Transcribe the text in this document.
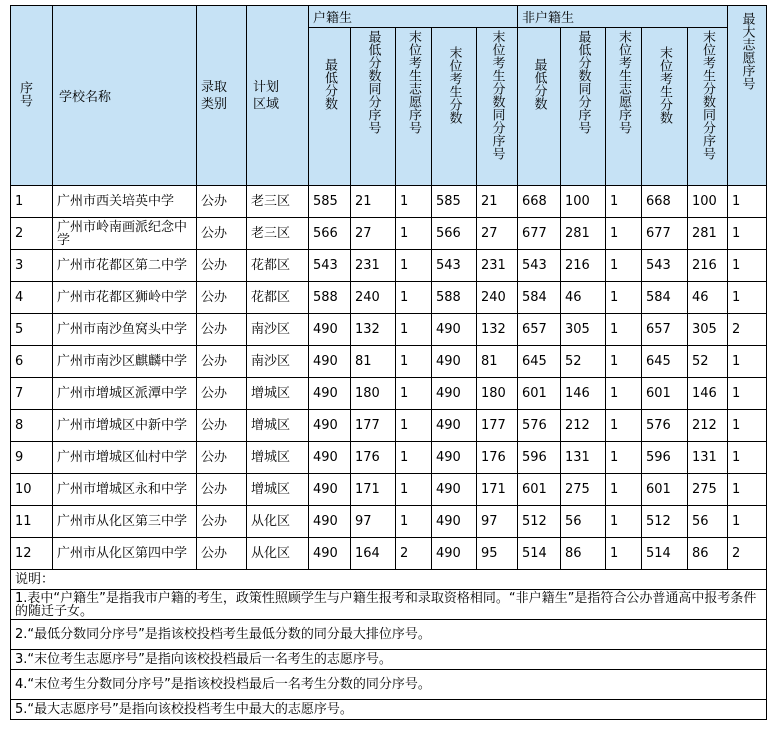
序号	学校名称	录取类别	计划区域	户籍生					非户籍生					最大志愿序号
				最低分数	最低分数同分序号	末位考生志愿序号	末位考生分数	末位考生分数同分序号	最低分数	最低分数同分序号	末位考生志愿序号	末位考生分数	末位考生分数同分序号	
1	广州市西关培英中学	公办	老三区	585	21	1	585	21	668	100	1	668	100	1
2	广州市岭南画派纪念中学	公办	老三区	566	27	1	566	27	677	281	1	677	281	1
3	广州市花都区第二中学	公办	花都区	543	231	1	543	231	543	216	1	543	216	1
4	广州市花都区狮岭中学	公办	花都区	588	240	1	588	240	584	46	1	584	46	1
5	广州市南沙鱼窝头中学	公办	南沙区	490	132	1	490	132	657	305	1	657	305	2
6	广州市南沙区麒麟中学	公办	南沙区	490	81	1	490	81	645	52	1	645	52	1
7	广州市增城区派潭中学	公办	增城区	490	180	1	490	180	601	146	1	601	146	1
8	广州市增城区中新中学	公办	增城区	490	177	1	490	177	576	212	1	576	212	1
9	广州市增城区仙村中学	公办	增城区	490	176	1	490	176	596	131	1	596	131	1
10	广州市增城区永和中学	公办	增城区	490	171	1	490	171	601	275	1	601	275	1
11	广州市从化区第三中学	公办	从化区	490	97	1	490	97	512	56	1	512	56	1
12	广州市从化区第四中学	公办	从化区	490	164	2	490	95	514	86	1	514	86	2
说明：														
1.表中“户籍生”是指我市户籍的考生，政策性照顾学生与户籍生报考和录取资格相同。“非户籍生”是指符合公办普通高中报考条件的随迁子女。														
2.“最低分数同分序号”是指该校投档考生最低分数的同分最大排位序号。														
3.“末位考生志愿序号”是指向该校投档最后一名考生的志愿序号。														
4.“末位考生分数同分序号”是指该校投档最后一名考生分数的同分序号。														
5.“最大志愿序号”是指向该校投档考生中最大的志愿序号。														
